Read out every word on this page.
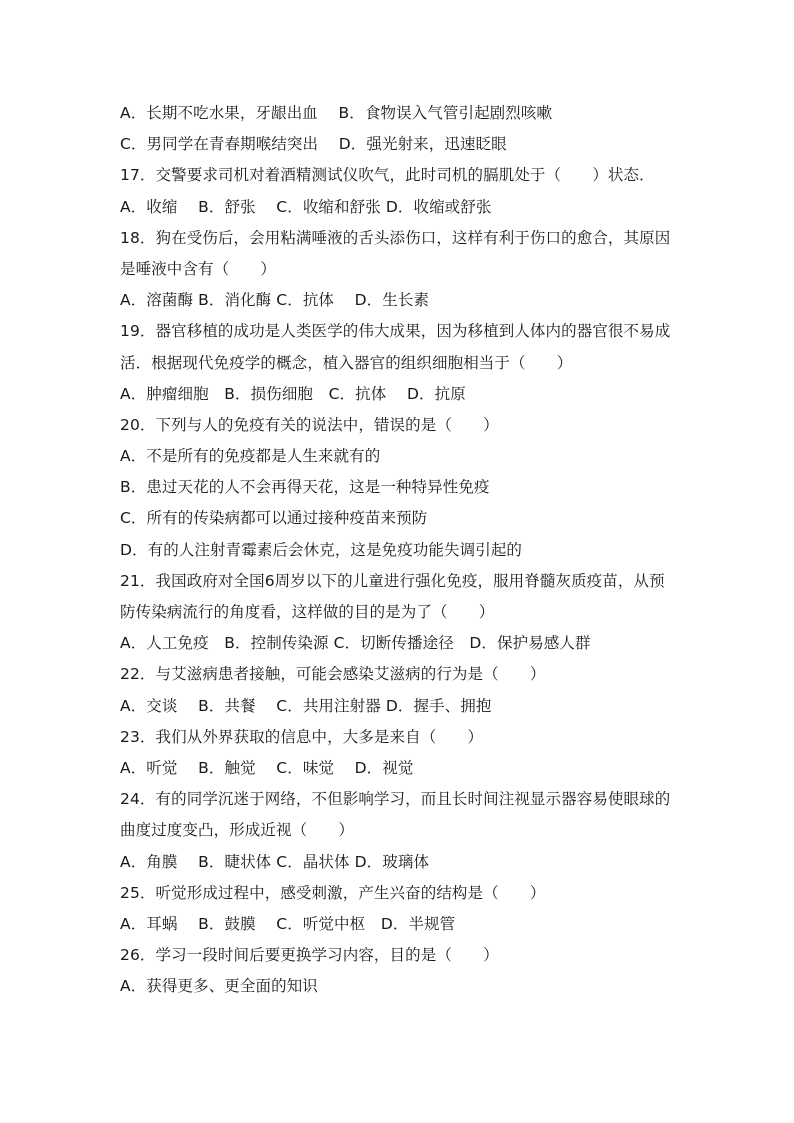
A．长期不吃水果，牙龈出血　 B．食物误入气管引起剧烈咳嗽
C．男同学在青春期喉结突出　 D．强光射来，迅速眨眼
17．交警要求司机对着酒精测试仪吹气，此时司机的膈肌处于（　　）状态．
A．收缩　 B．舒张　 C．收缩和舒张 D．收缩或舒张
18．狗在受伤后，会用粘满唾液的舌头添伤口，这样有利于伤口的愈合，其原因
是唾液中含有（　　）
A．溶菌酶 B．消化酶 C．抗体　 D．生长素
19．器官移植的成功是人类医学的伟大成果，因为移植到人体内的器官很不易成
活．根据现代免疫学的概念，植入器官的组织细胞相当于（　　）
A．肿瘤细胞　B．损伤细胞　C．抗体　 D．抗原
20．下列与人的免疫有关的说法中，错误的是（　　）
A．不是所有的免疫都是人生来就有的
B．患过天花的人不会再得天花，这是一种特异性免疫
C．所有的传染病都可以通过接种疫苗来预防
D．有的人注射青霉素后会休克，这是免疫功能失调引起的
21．我国政府对全国6周岁以下的儿童进行强化免疫，服用脊髓灰质疫苗，从预
防传染病流行的角度看，这样做的目的是为了（　　）
A．人工免疫　B．控制传染源 C．切断传播途径　D．保护易感人群
22．与艾滋病患者接触，可能会感染艾滋病的行为是（　　）
A．交谈　 B．共餐　 C．共用注射器 D．握手、拥抱
23．我们从外界获取的信息中，大多是来自（　　）
A．听觉　 B．触觉　 C．味觉　 D．视觉
24．有的同学沉迷于网络，不但影响学习，而且长时间注视显示器容易使眼球的
曲度过度变凸，形成近视（　　）
A．角膜　 B．睫状体 C．晶状体 D．玻璃体
25．听觉形成过程中，感受刺激，产生兴奋的结构是（　　）
A．耳蜗　 B．鼓膜　 C．听觉中枢　D．半规管
26．学习一段时间后要更换学习内容，目的是（　　）
A．获得更多、更全面的知识
